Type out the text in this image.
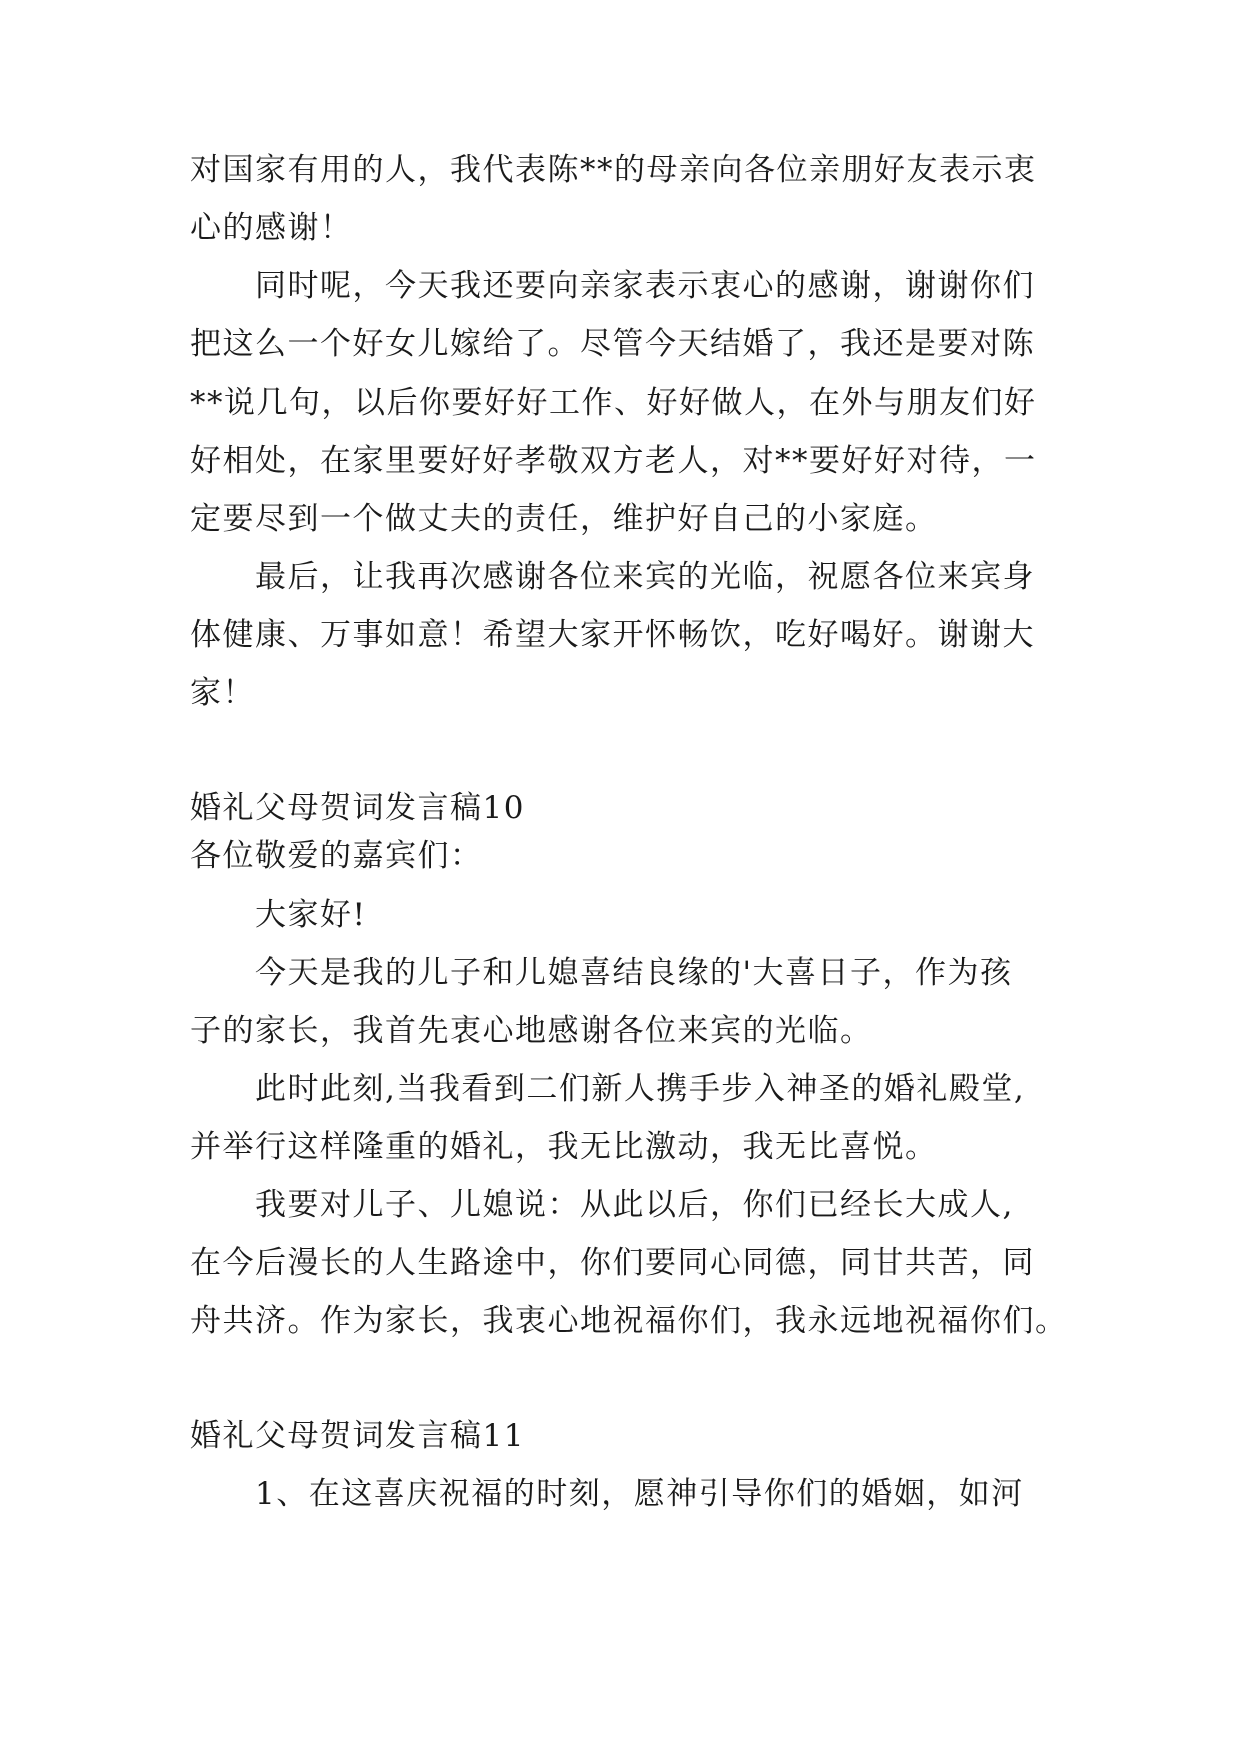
对国家有用的人，我代表陈**的母亲向各位亲朋好友表示衷
心的感谢！
同时呢，今天我还要向亲家表示衷心的感谢，谢谢你们
把这么一个好女儿嫁给了。尽管今天结婚了，我还是要对陈
**说几句，以后你要好好工作、好好做人，在外与朋友们好
好相处，在家里要好好孝敬双方老人，对**要好好对待，一
定要尽到一个做丈夫的责任，维护好自己的小家庭。
最后，让我再次感谢各位来宾的光临，祝愿各位来宾身
体健康、万事如意！希望大家开怀畅饮，吃好喝好。谢谢大
家！
婚礼父母贺词发言稿10
各位敬爱的嘉宾们：
大家好!
今天是我的儿子和儿媳喜结良缘的'大喜日子，作为孩
子的家长，我首先衷心地感谢各位来宾的光临。
此时此刻,当我看到二们新人携手步入神圣的婚礼殿堂,
并举行这样隆重的婚礼，我无比激动，我无比喜悦。
我要对儿子、儿媳说：从此以后，你们已经长大成人,
在今后漫长的人生路途中，你们要同心同德，同甘共苦，同
舟共济。作为家长，我衷心地祝福你们，我永远地祝福你们。
婚礼父母贺词发言稿11
1、在这喜庆祝福的时刻，愿神引导你们的婚姻，如河
